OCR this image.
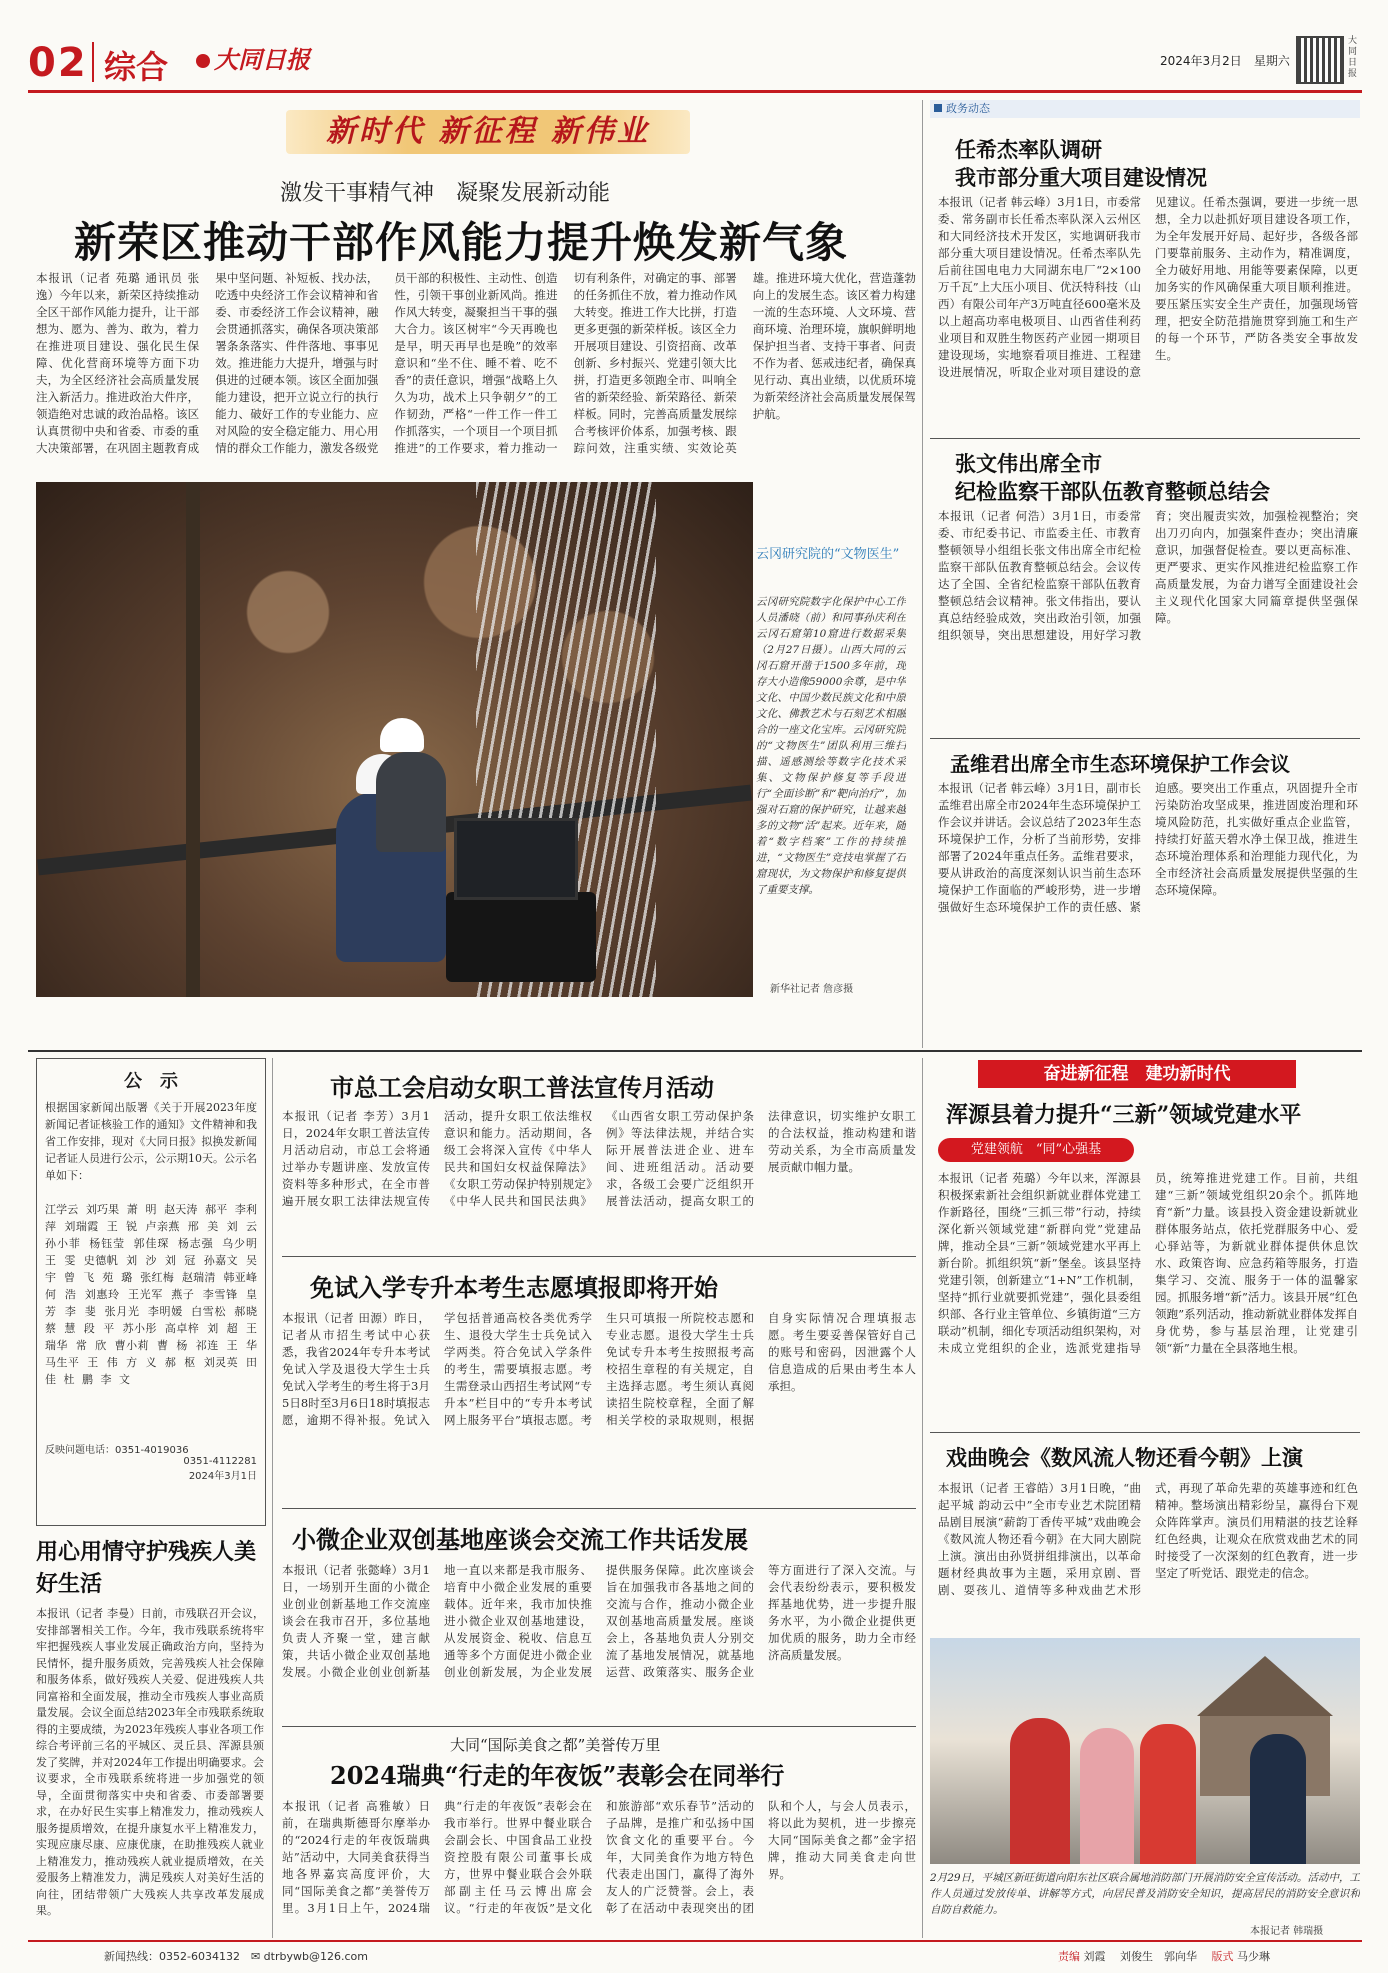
02 综合	大同日报	2024年3月2日　 星期六
大同日报
新时代 新征程 新伟业
激发干事精气神　凝聚发展新动能
新荣区推动干部作风能力提升焕发新气象
本报讯（记者 苑璐 通讯员 张逸）今年以来，新荣区持续推动全区干部作风能力提升，让干部想为、愿为、善为、敢为，着力在推进项目建设、强化民生保障、优化营商环境等方面下功夫，为全区经济社会高质量发展注入新活力。推进政治大件序，领造绝对忠诚的政治品格。该区认真贯彻中央和省委、市委的重大决策部署，在巩固主题教育成果中坚问题、补短板、找办法，吃透中央经济工作会议精神和省委、市委经济工作会议精神，融会贯通抓落实，确保各项决策部署条条落实、件件落地、事事见效。推进能力大提升，增强与时俱进的过硬本领。该区全面加强能力建设，把开立说立行的执行能力、破好工作的专业能力、应对风险的安全稳定能力、用心用情的群众工作能力，激发各级党员干部的积极性、主动性、创造性，引领干事创业新风尚。推进作风大转变，凝聚担当干事的强大合力。该区树牢“今天再晚也是早，明天再早也是晚”的效率意识和“坐不住、睡不着、吃不香”的责任意识，增强“战略上久久为功，战术上只争朝夕”的工作韧劲，严格“一件工作一件工作抓落实，一个项目一个项目抓推进”的工作要求，着力推动一切有利条件，对确定的事、部署的任务抓住不放，着力推动作风大转变。推进工作大比拼，打造更多更强的新荣样板。该区全力开展项目建设、引资招商、改革创新、乡村振兴、党建引领大比拼，打造更多领跑全市、叫响全省的新荣经验、新荣路径、新荣样板。同时，完善高质量发展综合考核评价体系，加强考核、跟踪问效，注重实绩、实效论英雄。推进环境大优化，营造蓬勃向上的发展生态。该区着力构建一流的生态环境、人文环境、营商环境、治理环境，旗帜鲜明地保护担当者、支持干事者、问责不作为者、惩戒违纪者，确保真见行动、真出业绩，以优质环境为新荣经济社会高质量发展保驾护航。
云冈研究院的“文物医生”
云冈研究院数字化保护中心工作人员潘晓（前）和同事孙庆利在云冈石窟第10窟进行数据采集（2月27日摄）。山西大同的云冈石窟开凿于1500多年前，现存大小造像59000余尊，是中华文化、中国少数民族文化和中原文化、佛教艺术与石刻艺术相融合的一座文化宝库。云冈研究院的“文物医生”团队利用三维扫描、遥感测绘等数字化技术采集、文物保护修复等手段进行“全面诊断”和“靶向治疗”，加强对石窟的保护研究，让越来越多的文物“活”起来。近年来，随着“数字档案”工作的持续推进，“文物医生”竞技电掌握了石窟现状，为文物保护和修复提供了重要支撑。
新华社记者 詹彦摄
政务动态
任希杰率队调研
我市部分重大项目建设情况
本报讯（记者 韩云峰）3月1日，市委常委、常务副市长任希杰率队深入云州区和大同经济技术开发区，实地调研我市部分重大项目建设情况。任希杰率队先后前往国电电力大同湖东电厂“2×100万千瓦”上大压小项目、优沃特科技（山西）有限公司年产3万吨直径600毫米及以上超高功率电极项目、山西省佳利药业项目和双胜生物医药产业园一期项目建设现场，实地察看项目推进、工程建设进展情况，听取企业对项目建设的意见建议。任希杰强调，要进一步统一思想，全力以赴抓好项目建设各项工作，为全年发展开好局、起好步，各级各部门要靠前服务、主动作为，精准调度，全力破好用地、用能等要素保障，以更加务实的作风确保重大项目顺利推进。要压紧压实安全生产责任，加强现场管理，把安全防范措施贯穿到施工和生产的每一个环节，严防各类安全事故发生。
张文伟出席全市
纪检监察干部队伍教育整顿总结会
本报讯（记者 何浩）3月1日，市委常委、市纪委书记、市监委主任、市教育整顿领导小组组长张文伟出席全市纪检监察干部队伍教育整顿总结会。会议传达了全国、全省纪检监察干部队伍教育整顿总结会议精神。张文伟指出，要认真总结经验成效，突出政治引领，加强组织领导，突出思想建设，用好学习教育；突出履责实效，加强检视整治；突出刀刃向内，加强案件查办；突出清廉意识，加强督促检查。要以更高标准、更严要求、更实作风推进纪检监察工作高质量发展，为奋力谱写全面建设社会主义现代化国家大同篇章提供坚强保障。
孟维君出席全市生态环境保护工作会议
本报讯（记者 韩云峰）3月1日，副市长孟维君出席全市2024年生态环境保护工作会议并讲话。会议总结了2023年生态环境保护工作，分析了当前形势，安排部署了2024年重点任务。孟维君要求，要从讲政治的高度深刻认识当前生态环境保护工作面临的严峻形势，进一步增强做好生态环境保护工作的责任感、紧迫感。要突出工作重点，巩固提升全市污染防治攻坚成果，推进固废治理和环境风险防范，扎实做好重点企业监管，持续打好蓝天碧水净土保卫战，推进生态环境治理体系和治理能力现代化，为全市经济社会高质量发展提供坚强的生态环境保障。
公　示
根据国家新闻出版署《关于开展2023年度新闻记者证核验工作的通知》文件精神和我省工作安排，现对《大同日报》拟换发新闻记者证人员进行公示，公示期10天。公示名单如下：
江学云 刘巧果 萧 明 赵天涛 郝平 李利萍 刘瑞霞 王 锐 卢亲燕 邢 美 刘 云 孙小菲 杨钰莹 郭佳琛 杨志强 乌少明 王 雯 史德帆 刘 沙 刘 冠 孙嘉文 吴 宇 曾 飞 苑 璐 张红梅 赵瑞清 韩亚峰 何 浩 刘惠玲 王光军 燕子 李雪锋 皇 芳 李 斐 张月光 李明媛 白雪松 郝晓 蔡 慧 段 平 苏小彤 高卓梓 刘 超 王瑞华 常 欣 曹小莉 曹 杨 祁连 王 华 马生平 王 伟 方 义 郝 枢 刘灵英 田 佳 杜 鹏 李 文
反映问题电话：0351-4019036
0351-4112281
2024年3月1日
用心用情守护残疾人美好生活
本报讯（记者 李曼）日前，市残联召开会议，安排部署相关工作。今年，我市残联系统将牢牢把握残疾人事业发展正确政治方向，坚持为民情怀，提升服务质效，完善残疾人社会保障和服务体系，做好残疾人关爱、促进残疾人共同富裕和全面发展，推动全市残疾人事业高质量发展。会议全面总结2023年全市残联系统取得的主要成绩，为2023年残疾人事业各项工作综合考评前三名的平城区、灵丘县、浑源县颁发了奖牌，并对2024年工作提出明确要求。会议要求，全市残联系统将进一步加强党的领导，全面贯彻落实中央和省委、市委部署要求，在办好民生实事上精准发力，推动残疾人服务提质增效，在提升康复水平上精准发力，实现应康尽康、应康优康，在助推残疾人就业上精准发力，推动残疾人就业提质增效，在关爱服务上精准发力，满足残疾人对美好生活的向往，团结带领广大残疾人共享改革发展成果。
市总工会启动女职工普法宣传月活动
本报讯（记者 李芳）3月1日，2024年女职工普法宣传月活动启动，市总工会将通过举办专题讲座、发放宣传资料等多种形式，在全市普遍开展女职工法律法规宣传活动，提升女职工依法维权意识和能力。活动期间，各级工会将深入宣传《中华人民共和国妇女权益保障法》《女职工劳动保护特别规定》《中华人民共和国民法典》《山西省女职工劳动保护条例》等法律法规，并结合实际开展普法进企业、进车间、进班组活动。活动要求，各级工会要广泛组织开展普法活动，提高女职工的法律意识，切实维护女职工的合法权益，推动构建和谐劳动关系，为全市高质量发展贡献巾帼力量。
免试入学专升本考生志愿填报即将开始
本报讯（记者 田源）昨日，记者从市招生考试中心获悉，我省2024年专升本考试免试入学及退役大学生士兵免试入学考生的考生将于3月5日8时至3月6日18时填报志愿，逾期不得补报。免试入学包括普通高校各类优秀学生、退役大学生士兵免试入学两类。符合免试入学条件的考生，需要填报志愿。考生需登录山西招生考试网“专升本”栏目中的“专升本考试网上服务平台”填报志愿。考生只可填报一所院校志愿和专业志愿。退役大学生士兵免试专升本考生按照报考高校招生章程的有关规定，自主选择志愿。考生须认真阅读招生院校章程，全面了解相关学校的录取规则，根据自身实际情况合理填报志愿。考生要妥善保管好自己的账号和密码，因泄露个人信息造成的后果由考生本人承担。
小微企业双创基地座谈会交流工作共话发展
本报讯（记者 张懿峰）3月1日，一场别开生面的小微企业创业创新基地工作交流座谈会在我市召开，多位基地负责人齐聚一堂，建言献策，共话小微企业双创基地发展。小微企业创业创新基地一直以来都是我市服务、培育中小微企业发展的重要载体。近年来，我市加快推进小微企业双创基地建设，从发展资金、税收、信息互通等多个方面促进小微企业创业创新发展，为企业发展提供服务保障。此次座谈会旨在加强我市各基地之间的交流与合作，推动小微企业双创基地高质量发展。座谈会上，各基地负责人分别交流了基地发展情况，就基地运营、政策落实、服务企业等方面进行了深入交流。与会代表纷纷表示，要积极发挥基地优势，进一步提升服务水平，为小微企业提供更加优质的服务，助力全市经济高质量发展。
大同“国际美食之都”美誉传万里
2024瑞典“行走的年夜饭”表彰会在同举行
本报讯（记者 高雅敏）日前，在瑞典斯德哥尔摩举办的“2024行走的年夜饭瑞典站”活动中，大同美食获得当地各界嘉宾高度评价，大同“国际美食之都”美誉传万里。3月1日上午，2024瑞典“行走的年夜饭”表彰会在我市举行。世界中餐业联合会副会长、中国食品工业投资控股有限公司董事长成方，世界中餐业联合会外联部副主任马云博出席会议。“行走的年夜饭”是文化和旅游部“欢乐春节”活动的子品牌，是推广和弘扬中国饮食文化的重要平台。今年，大同美食作为地方特色代表走出国门，赢得了海外友人的广泛赞誉。会上，表彰了在活动中表现突出的团队和个人，与会人员表示，将以此为契机，进一步擦亮大同“国际美食之都”金字招牌，推动大同美食走向世界。
奋进新征程　建功新时代
浑源县着力提升“三新”领域党建水平
党建领航　“同”心强基
本报讯（记者 苑璐）今年以来，浑源县积极探索新社会组织新就业群体党建工作新路径，围绕“三抓三带”行动，持续深化新兴领域党建“新群向党”党建品牌，推动全县“三新”领域党建水平再上新台阶。抓组织筑“新”堡垒。该县坚持党建引领，创新建立“1+N”工作机制，坚持“抓行业就要抓党建”，强化县委组织部、各行业主管单位、乡镇街道“三方联动”机制，细化专项活动组织架构，对未成立党组织的企业，选派党建指导员，统筹推进党建工作。目前，共组建“三新”领域党组织20余个。抓阵地育“新”力量。该县投入资金建设新就业群体服务站点，依托党群服务中心、爱心驿站等，为新就业群体提供休息饮水、政策咨询、应急药箱等服务，打造集学习、交流、服务于一体的温馨家园。抓服务增“新”活力。该县开展“红色领跑”系列活动，推动新就业群体发挥自身优势，参与基层治理，让党建引领“新”力量在全县落地生根。
戏曲晚会《数风流人物还看今朝》上演
本报讯（记者 王睿皓）3月1日晚，“曲起平城 韵动云中”全市专业艺术院团精品剧目展演“薪韵丁香传平城”戏曲晚会《数风流人物还看今朝》在大同大剧院上演。演出由孙贤拼组排演出，以革命题材经典故事为主题，采用京剧、晋剧、耍孩儿、道情等多种戏曲艺术形式，再现了革命先辈的英雄事迹和红色精神。整场演出精彩纷呈，赢得台下观众阵阵掌声。演员们用精湛的技艺诠释红色经典，让观众在欣赏戏曲艺术的同时接受了一次深刻的红色教育，进一步坚定了听党话、跟党走的信念。
2月29日，平城区新旺街道向阳东社区联合属地消防部门开展消防安全宣传活动。活动中，工作人员通过发放传单、讲解等方式，向居民普及消防安全知识，提高居民的消防安全意识和自防自救能力。
本报记者 韩瑞摄
新闻热线：0352-6034132　 ✉ dtrbywb@126.com	责编 刘霞　 刘俊生　 郭向华　 版式 马少琳
